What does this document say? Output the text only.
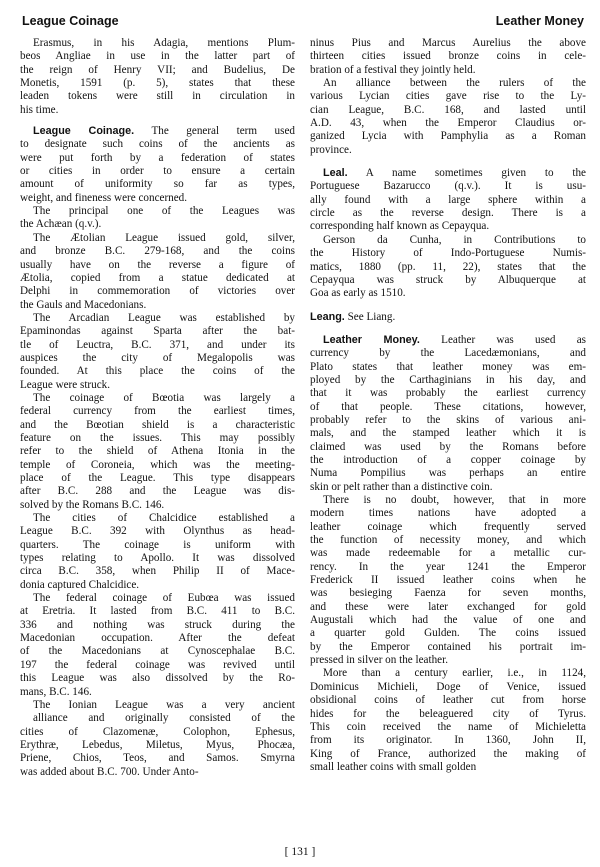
League Coinage	Leather Money
Erasmus, in his Adagia, mentions Plum-
beos Angliae in use in the latter part of
the reign of Henry VII; and Budelius, De
Monetis, 1591 (p. 5), states that these
leaden tokens were still in circulation in
his time.
League Coinage. The general term used
to designate such coins of the ancients as
were put forth by a federation of states
or cities in order to ensure a certain
amount of uniformity so far as types,
weight, and fineness were concerned.
The principal one of the Leagues was
the Achæan (q.v.).
The Ætolian League issued gold, silver,
and bronze B.C. 279-168, and the coins
usually have on the reverse a figure of
Ætolia, copied from a statue dedicated at
Delphi in commemoration of victories over
the Gauls and Macedonians.
The Arcadian League was established by
Epaminondas against Sparta after the bat-
tle of Leuctra, B.C. 371, and under its
auspices the city of Megalopolis was
founded. At this place the coins of the
League were struck.
The coinage of Bœotia was largely a
federal currency from the earliest times,
and the Bœotian shield is a characteristic
feature on the issues. This may possibly
refer to the shield of Athena Itonia in the
temple of Coroneia, which was the meeting-
place of the League. This type disappears
after B.C. 288 and the League was dis-
solved by the Romans B.C. 146.
The cities of Chalcidice established a
League B.C. 392 with Olynthus as head-
quarters. The coinage is uniform with
types relating to Apollo. It was dissolved
circa B.C. 358, when Philip II of Mace-
donia captured Chalcidice.
The federal coinage of Eubœa was issued
at Eretria. It lasted from B.C. 411 to B.C.
336 and nothing was struck during the
Macedonian occupation. After the defeat
of the Macedonians at Cynoscephalae B.C.
197 the federal coinage was revived until
this League was also dissolved by the Ro-
mans, B.C. 146.
The Ionian League was a very ancient
alliance and originally consisted of the
cities of Clazomenæ, Colophon, Ephesus,
Erythræ, Lebedus, Miletus, Myus, Phocæa,
Priene, Chios, Teos, and Samos. Smyrna
was added about B.C. 700. Under Anto-
ninus Pius and Marcus Aurelius the above
thirteen cities issued bronze coins in cele-
bration of a festival they jointly held.
An alliance between the rulers of the
various Lycian cities gave rise to the Ly-
cian League, B.C. 168, and lasted until
A.D. 43, when the Emperor Claudius or-
ganized Lycia with Pamphylia as a Roman
province.
Leal. A name sometimes given to the
Portuguese Bazarucco (q.v.). It is usu-
ally found with a large sphere within a
circle as the reverse design. There is a
corresponding half known as Cepayqua.
Gerson da Cunha, in Contributions to
the History of Indo-Portuguese Numis-
matics, 1880 (pp. 11, 22), states that the
Cepayqua was struck by Albuquerque at
Goa as early as 1510.
Leang. See Liang.
Leather Money. Leather was used as
currency by the Lacedæmonians, and
Plato states that leather money was em-
ployed by the Carthaginians in his day, and
that it was probably the earliest currency
of that people. These citations, however,
probably refer to the skins of various ani-
mals, and the stamped leather which it is
claimed was used by the Romans before
the introduction of a copper coinage by
Numa Pompilius was perhaps an entire
skin or pelt rather than a distinctive coin.
There is no doubt, however, that in more
modern times nations have adopted a
leather coinage which frequently served
the function of necessity money, and which
was made redeemable for a metallic cur-
rency. In the year 1241 the Emperor
Frederick II issued leather coins when he
was besieging Faenza for seven months,
and these were later exchanged for gold
Augustali which had the value of one and
a quarter gold Gulden. The coins issued
by the Emperor contained his portrait im-
pressed in silver on the leather.
More than a century earlier, i.e., in 1124,
Dominicus Michieli, Doge of Venice, issued
obsidional coins of leather cut from horse
hides for the beleaguered city of Tyrus.
This coin received the name of Michieletta
from its originator. In 1360, John II,
King of France, authorized the making of
small leather coins with small golden
[ 131 ]
